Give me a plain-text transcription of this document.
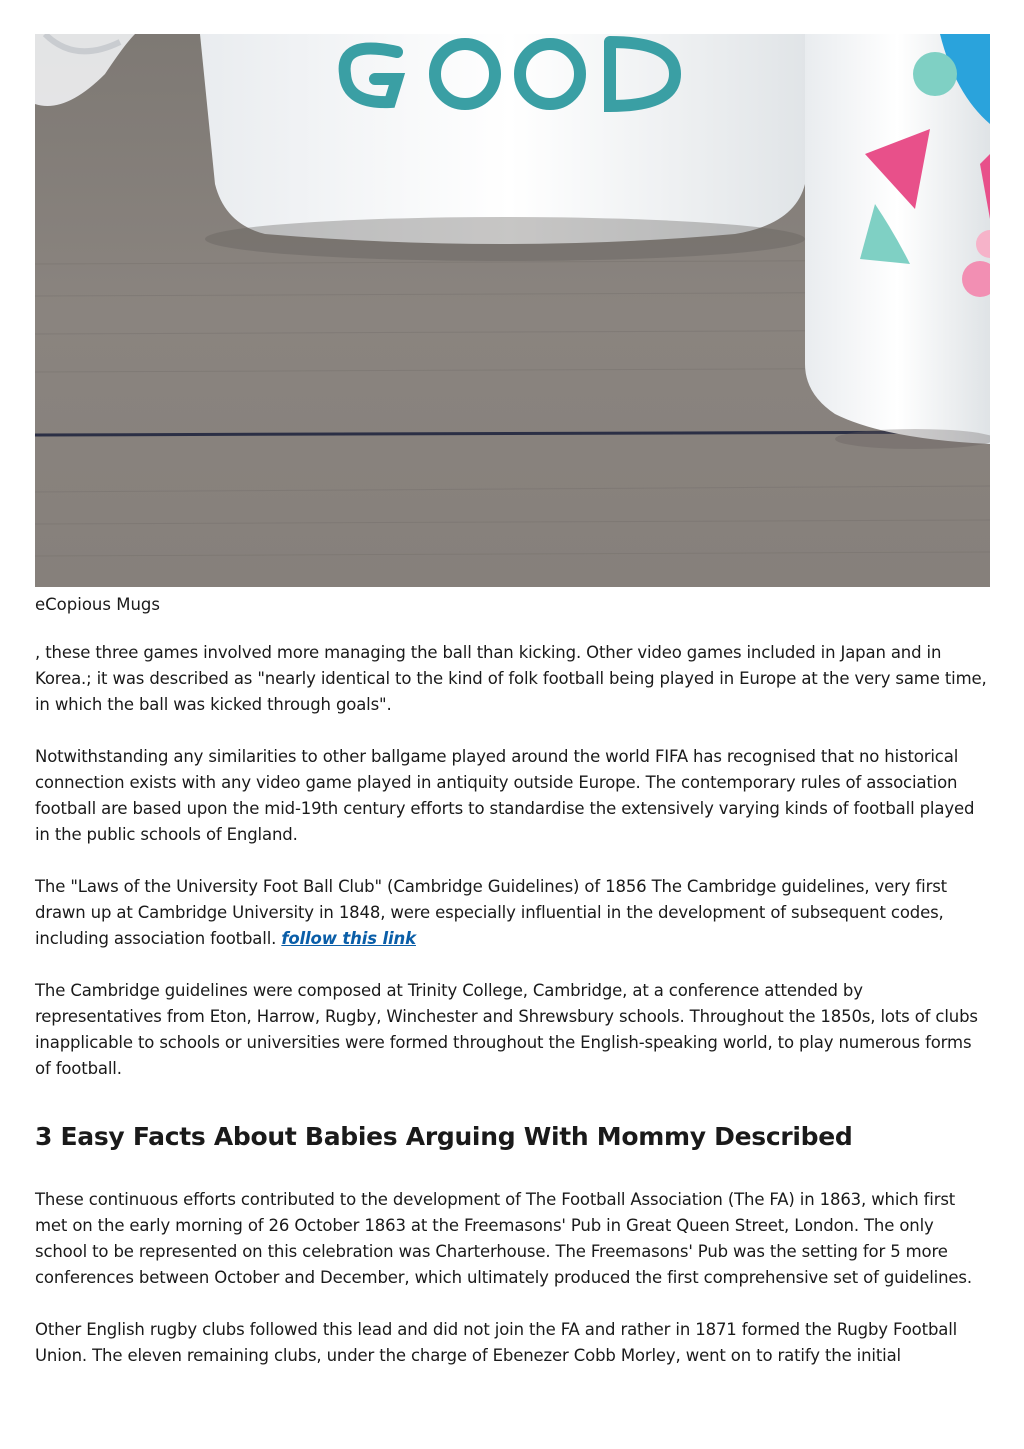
eCopious Mugs

, these three games involved more managing the ball than kicking. Other video games included in Japan and in Korea.; it was described as "nearly identical to the kind of folk football being played in Europe at the very same time, in which the ball was kicked through goals".

Notwithstanding any similarities to other ballgame played around the world FIFA has recognised that no historical connection exists with any video game played in antiquity outside Europe. The contemporary rules of association football are based upon the mid-19th century efforts to standardise the extensively varying kinds of football played in the public schools of England.

The "Laws of the University Foot Ball Club" (Cambridge Guidelines) of 1856 The Cambridge guidelines, very first drawn up at Cambridge University in 1848, were especially influential in the development of subsequent codes, including association football. follow this link

The Cambridge guidelines were composed at Trinity College, Cambridge, at a conference attended by representatives from Eton, Harrow, Rugby, Winchester and Shrewsbury schools. Throughout the 1850s, lots of clubs inapplicable to schools or universities were formed throughout the English-speaking world, to play numerous forms of football.

3 Easy Facts About Babies Arguing With Mommy Described

These continuous efforts contributed to the development of The Football Association (The FA) in 1863, which first met on the early morning of 26 October 1863 at the Freemasons' Pub in Great Queen Street, London. The only school to be represented on this celebration was Charterhouse. The Freemasons' Pub was the setting for 5 more conferences between October and December, which ultimately produced the first comprehensive set of guidelines.

Other English rugby clubs followed this lead and did not join the FA and rather in 1871 formed the Rugby Football Union. The eleven remaining clubs, under the charge of Ebenezer Cobb Morley, went on to ratify the initial
